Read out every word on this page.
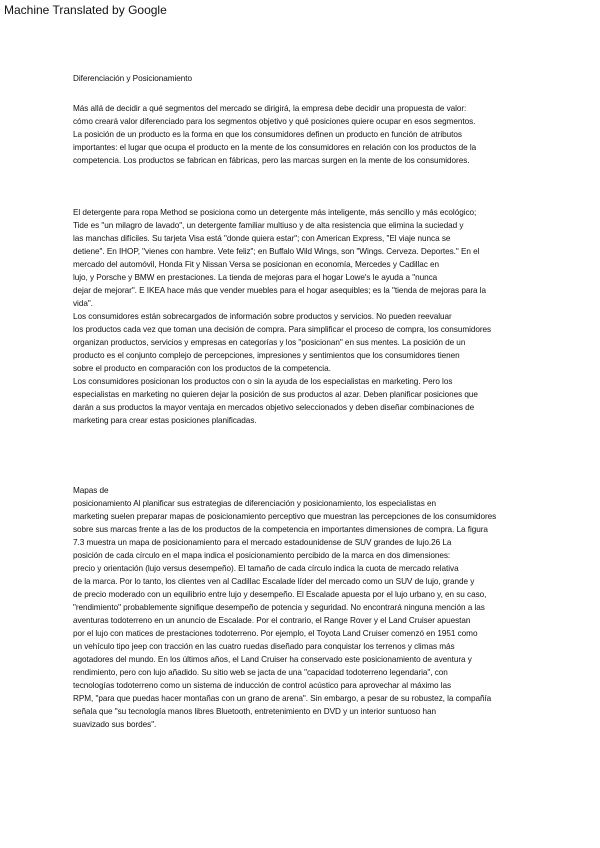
Machine Translated by Google
Diferenciación y Posicionamiento
Más allá de decidir a qué segmentos del mercado se dirigirá, la empresa debe decidir una propuesta de valor:
cómo creará valor diferenciado para los segmentos objetivo y qué posiciones quiere ocupar en esos segmentos.
La posición de un producto es la forma en que los consumidores definen un producto en función de atributos
importantes: el lugar que ocupa el producto en la mente de los consumidores en relación con los productos de la
competencia. Los productos se fabrican en fábricas, pero las marcas surgen en la mente de los consumidores.
El detergente para ropa Method se posiciona como un detergente más inteligente, más sencillo y más ecológico;
Tide es "un milagro de lavado", un detergente familiar multiuso y de alta resistencia que elimina la suciedad y
las manchas difíciles. Su tarjeta Visa está "donde quiera estar"; con American Express, "El viaje nunca se
detiene". En IHOP, "vienes con hambre. Vete feliz"; en Buffalo Wild Wings, son "Wings. Cerveza. Deportes." En el
mercado del automóvil, Honda Fit y Nissan Versa se posicionan en economía, Mercedes y Cadillac en
lujo, y Porsche y BMW en prestaciones. La tienda de mejoras para el hogar Lowe's le ayuda a "nunca
dejar de mejorar". E IKEA hace más que vender muebles para el hogar asequibles; es la "tienda de mejoras para la
vida".
Los consumidores están sobrecargados de información sobre productos y servicios. No pueden reevaluar
los productos cada vez que toman una decisión de compra. Para simplificar el proceso de compra, los consumidores
organizan productos, servicios y empresas en categorías y los "posicionan" en sus mentes. La posición de un
producto es el conjunto complejo de percepciones, impresiones y sentimientos que los consumidores tienen
sobre el producto en comparación con los productos de la competencia.
Los consumidores posicionan los productos con o sin la ayuda de los especialistas en marketing. Pero los
especialistas en marketing no quieren dejar la posición de sus productos al azar. Deben planificar posiciones que
darán a sus productos la mayor ventaja en mercados objetivo seleccionados y deben diseñar combinaciones de
marketing para crear estas posiciones planificadas.
Mapas de
posicionamiento Al planificar sus estrategias de diferenciación y posicionamiento, los especialistas en
marketing suelen preparar mapas de posicionamiento perceptivo que muestran las percepciones de los consumidores
sobre sus marcas frente a las de los productos de la competencia en importantes dimensiones de compra. La figura
7.3 muestra un mapa de posicionamiento para el mercado estadounidense de SUV grandes de lujo.26 La
posición de cada círculo en el mapa indica el posicionamiento percibido de la marca en dos dimensiones:
precio y orientación (lujo versus desempeño). El tamaño de cada círculo indica la cuota de mercado relativa
de la marca. Por lo tanto, los clientes ven al Cadillac Escalade líder del mercado como un SUV de lujo, grande y
de precio moderado con un equilibrio entre lujo y desempeño. El Escalade apuesta por el lujo urbano y, en su caso,
"rendimiento" probablemente signifique desempeño de potencia y seguridad. No encontrará ninguna mención a las
aventuras todoterreno en un anuncio de Escalade. Por el contrario, el Range Rover y el Land Cruiser apuestan
por el lujo con matices de prestaciones todoterreno. Por ejemplo, el Toyota Land Cruiser comenzó en 1951 como
un vehículo tipo jeep con tracción en las cuatro ruedas diseñado para conquistar los terrenos y climas más
agotadores del mundo. En los últimos años, el Land Cruiser ha conservado este posicionamiento de aventura y
rendimiento, pero con lujo añadido. Su sitio web se jacta de una "capacidad todoterreno legendaria", con
tecnologías todoterreno como un sistema de inducción de control acústico para aprovechar al máximo las
RPM, "para que puedas hacer montañas con un grano de arena". Sin embargo, a pesar de su robustez, la compañía
señala que "su tecnología manos libres Bluetooth, entretenimiento en DVD y un interior suntuoso han
suavizado sus bordes".
